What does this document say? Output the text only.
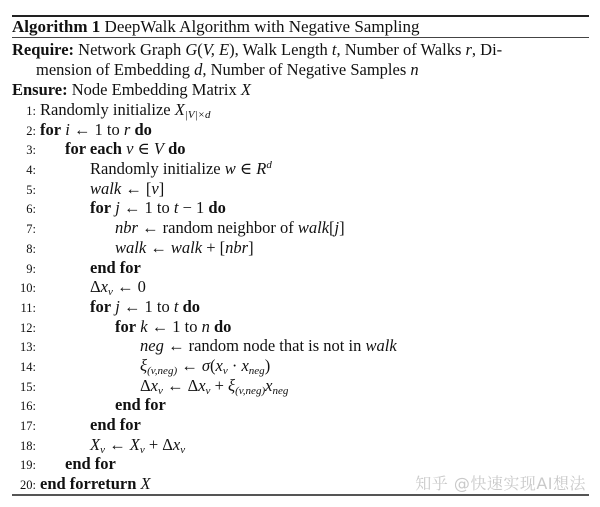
Algorithm 1 DeepWalk Algorithm with Negative Sampling
Require: Network Graph G(V, E), Walk Length t, Number of Walks r, Di-
mension of Embedding d, Number of Negative Samples n
Ensure: Node Embedding Matrix X
1: Randomly initialize $X_{|V|\times d}$
2: for i ← 1 to r do
3: for each v ∈ V do
4:	Randomly initialize w ∈ $R^d$
5:	walk ← [v]
6:	for j ← 1 to t − 1 do
7:	nbr ← random neighbor of walk[j]
8:	walk ← walk + [nbr]
9:	end for
10:	$\Delta x_v$ ← 0
11:	for j ← 1 to t do
12:	for k ← 1 to n do
13:	neg ← random node that is not in walk
14:	$\xi_{(v,neg)}$ ← $\sigma(x_v \cdot x_{neg})$
15:	$\Delta x_v$ ← $\Delta x_v + \xi_{(v,neg)}x_{neg}$
16:	end for
17:	end for
18:	$X_v$ ← $X_v + \Delta x_v$
19: end for
20: end forreturn X	知乎 @快速实现AI想法
